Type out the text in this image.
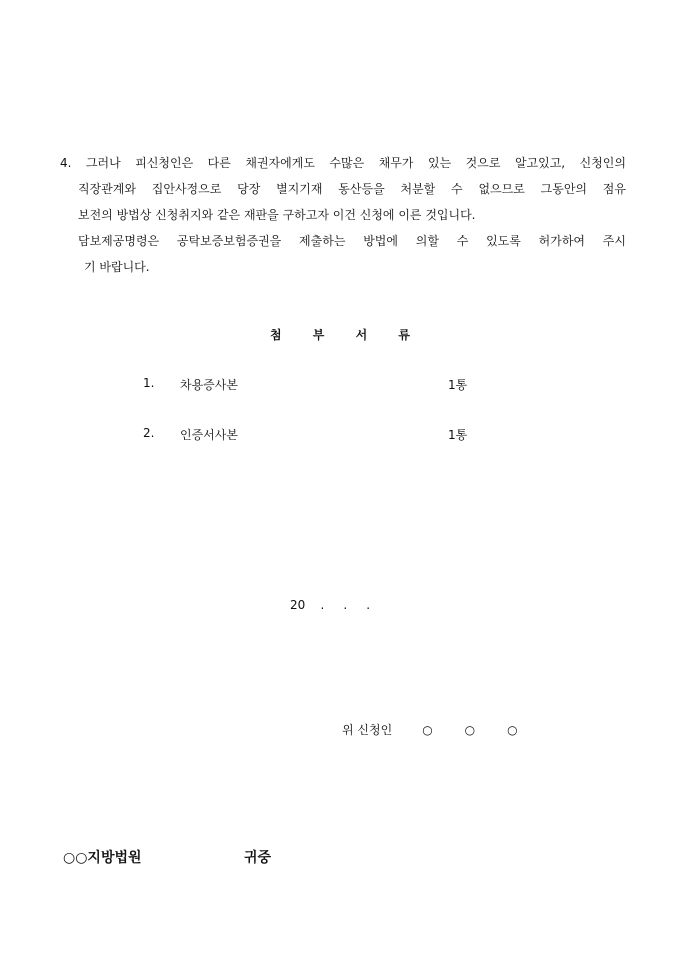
4. 그러나 피신청인은 다른 채권자에게도 수많은 채무가 있는 것으로 알고있고, 신청인의
직장관계와 집안사정으로 당장 별지기재 동산등을 처분할 수 없으므로 그동안의 점유
보전의 방법상 신청취지와 같은 재판을 구하고자 이건 신청에 이른 것입니다.
담보제공명령은 공탁보증보험증권을 제출하는 방법에 의할 수 있도록 허가하여 주시
기 바랍니다.
첨	부	서	류
1. 차용증사본	1통
2. 인증서사본	1통
20    .     .     .
위 신청인	○	○	○
○○지방법원	귀중
